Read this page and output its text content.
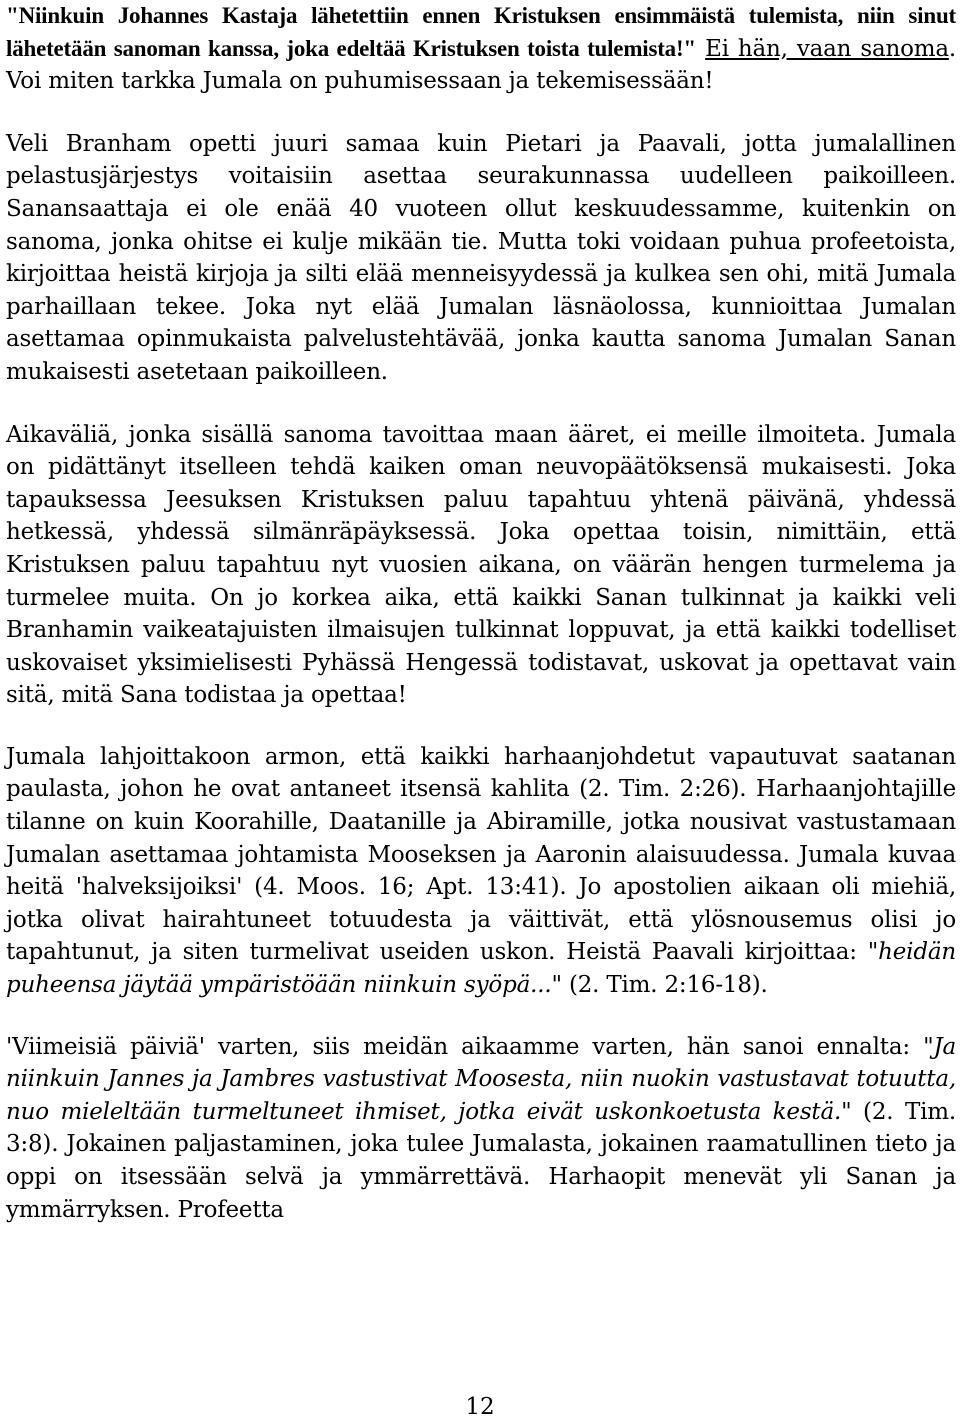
"Niinkuin Johannes Kastaja lähetettiin ennen Kristuksen ensimmäistä tulemista, niin sinut lähetetään sanoman kanssa, joka edeltää Kristuksen toista tulemista!" Ei hän, vaan sanoma. Voi miten tarkka Jumala on puhumisessaan ja tekemisessään!

Veli Branham opetti juuri samaa kuin Pietari ja Paavali, jotta jumalallinen pelastusjärjestys voitaisiin asettaa seurakunnassa uudelleen paikoilleen. Sanansaattaja ei ole enää 40 vuoteen ollut keskuudessamme, kuitenkin on sanoma, jonka ohitse ei kulje mikään tie. Mutta toki voidaan puhua profeetoista, kirjoittaa heistä kirjoja ja silti elää menneisyydessä ja kulkea sen ohi, mitä Jumala parhaillaan tekee. Joka nyt elää Jumalan läsnäolossa, kunnioittaa Jumalan asettamaa opinmukaista palvelustehtävää, jonka kautta sanoma Jumalan Sanan mukaisesti asetetaan paikoilleen.

Aikaväliä, jonka sisällä sanoma tavoittaa maan ääret, ei meille ilmoiteta. Jumala on pidättänyt itselleen tehdä kaiken oman neuvopäätöksensä mukaisesti. Joka tapauksessa Jeesuksen Kristuksen paluu tapahtuu yhtenä päivänä, yhdessä hetkessä, yhdessä silmänräpäyksessä. Joka opettaa toisin, nimittäin, että Kristuksen paluu tapahtuu nyt vuosien aikana, on väärän hengen turmelema ja turmelee muita. On jo korkea aika, että kaikki Sanan tulkinnat ja kaikki veli Branhamin vaikeatajuisten ilmaisujen tulkinnat loppuvat, ja että kaikki todelliset uskovaiset yksimielisesti Pyhässä Hengessä todistavat, uskovat ja opettavat vain sitä, mitä Sana todistaa ja opettaa!

Jumala lahjoittakoon armon, että kaikki harhaanjohdetut vapautuvat saatanan paulasta, johon he ovat antaneet itsensä kahlita (2. Tim. 2:26). Harhaanjohtajille tilanne on kuin Koorahille, Daatanille ja Abiramille, jotka nousivat vastustamaan Jumalan asettamaa johtamista Mooseksen ja Aaronin alaisuudessa. Jumala kuvaa heitä 'halveksijoiksi' (4. Moos. 16; Apt. 13:41). Jo apostolien aikaan oli miehiä, jotka olivat hairahtuneet totuudesta ja väittivät, että ylösnousemus olisi jo tapahtunut, ja siten turmelivat useiden uskon. Heistä Paavali kirjoittaa: "heidän puheensa jäytää ympäristöään niinkuin syöpä..." (2. Tim. 2:16-18).

'Viimeisiä päiviä' varten, siis meidän aikaamme varten, hän sanoi ennalta: "Ja niinkuin Jannes ja Jambres vastustivat Moosesta, niin nuokin vastustavat totuutta, nuo mieleltään turmeltuneet ihmiset, jotka eivät uskonkoetusta kestä." (2. Tim. 3:8). Jokainen paljastaminen, joka tulee Jumalasta, jokainen raamatullinen tieto ja oppi on itsessään selvä ja ymmärrettävä. Harhaopit menevät yli Sanan ja ymmärryksen. Profeetta

12
